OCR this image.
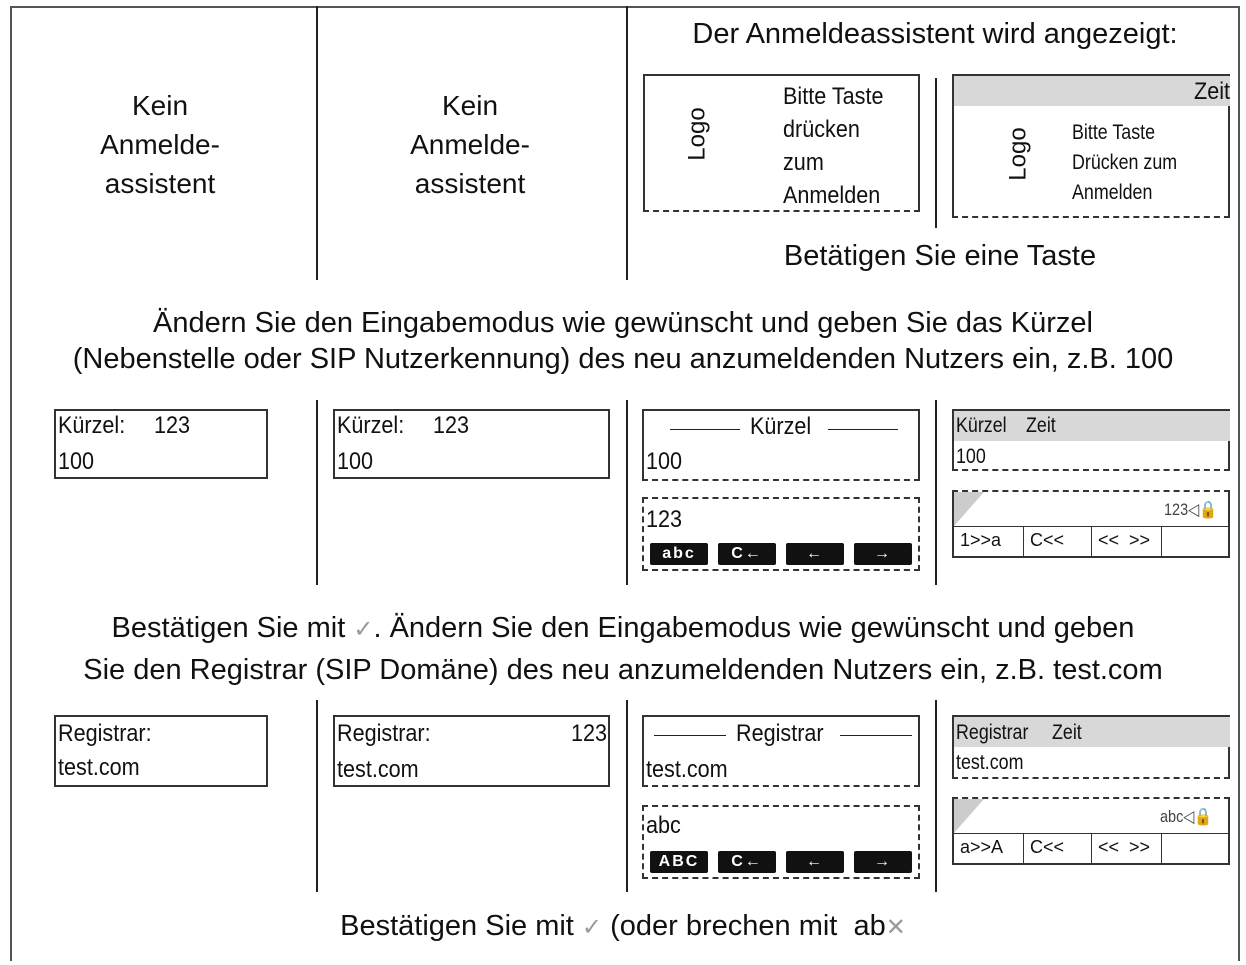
Kein
Anmelde-
assistent
Kein
Anmelde-
assistent
Der Anmeldeassistent wird angezeigt:
Logo
Bitte Taste
drücken
zum
Anmelden
Zeit
Logo Bitte Taste
Drücken zum
Anmelden
Betätigen Sie eine Taste
Ändern Sie den Eingabemodus wie gewünscht und geben Sie das Kürzel
(Nebenstelle oder SIP Nutzerkennung) des neu anzumeldenden Nutzers ein, z.B. 100
Kürzel: 123
100
Kürzel: 123
100
Kürzel
100
123
abc	C←	←	→
Kürzel Zeit
100
123◁🔒
1>>a	C<<	<< >>
Bestätigen Sie mit ✓. Ändern Sie den Eingabemodus wie gewünscht und geben
Sie den Registrar (SIP Domäne) des neu anzumeldenden Nutzers ein, z.B. test.com
Registrar:
test.com
Registrar:	123
test.com
Registrar
test.com
abc
ABC	C←	←	→
Registrar Zeit
test.com
abc◁🔒
a>>A	C<<	<< >>
Bestätigen Sie mit ✓ (oder brechen mit ab✕
